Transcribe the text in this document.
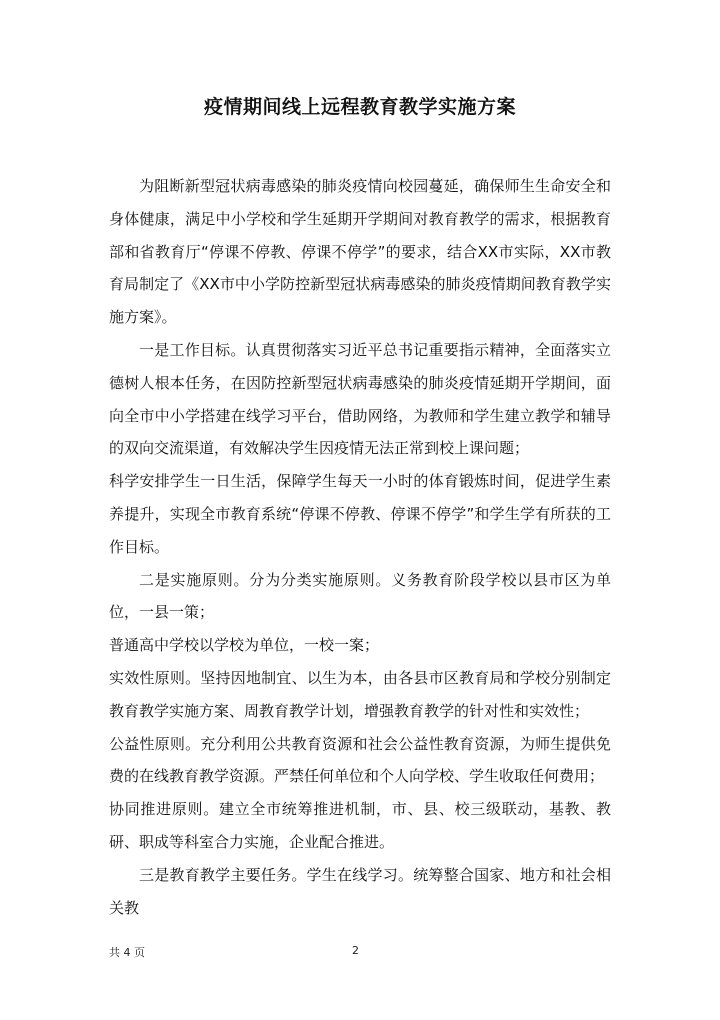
疫情期间线上远程教育教学实施方案

为阻断新型冠状病毒感染的肺炎疫情向校园蔓延，确保师生生命安全和身体健康，满足中小学校和学生延期开学期间对教育教学的需求，根据教育部和省教育厅“停课不停教、停课不停学”的要求，结合XX市实际，XX市教育局制定了《XX市中小学防控新型冠状病毒感染的肺炎疫情期间教育教学实施方案》。

一是工作目标。认真贯彻落实习近平总书记重要指示精神，全面落实立德树人根本任务，在因防控新型冠状病毒感染的肺炎疫情延期开学期间，面向全市中小学搭建在线学习平台，借助网络，为教师和学生建立教学和辅导的双向交流渠道，有效解决学生因疫情无法正常到校上课问题；

科学安排学生一日生活，保障学生每天一小时的体育锻炼时间，促进学生素养提升，实现全市教育系统“停课不停教、停课不停学”和学生学有所获的工作目标。

二是实施原则。分为分类实施原则。义务教育阶段学校以县市区为单位，一县一策；

普通高中学校以学校为单位，一校一案；

实效性原则。坚持因地制宜、以生为本，由各县市区教育局和学校分别制定教育教学实施方案、周教育教学计划，增强教育教学的针对性和实效性；

公益性原则。充分利用公共教育资源和社会公益性教育资源，为师生提供免费的在线教育教学资源。严禁任何单位和个人向学校、学生收取任何费用；

协同推进原则。建立全市统筹推进机制，市、县、校三级联动，基教、教研、职成等科室合力实施，企业配合推进。

三是教育教学主要任务。学生在线学习。统筹整合国家、地方和社会相关教

共 4 页	2
